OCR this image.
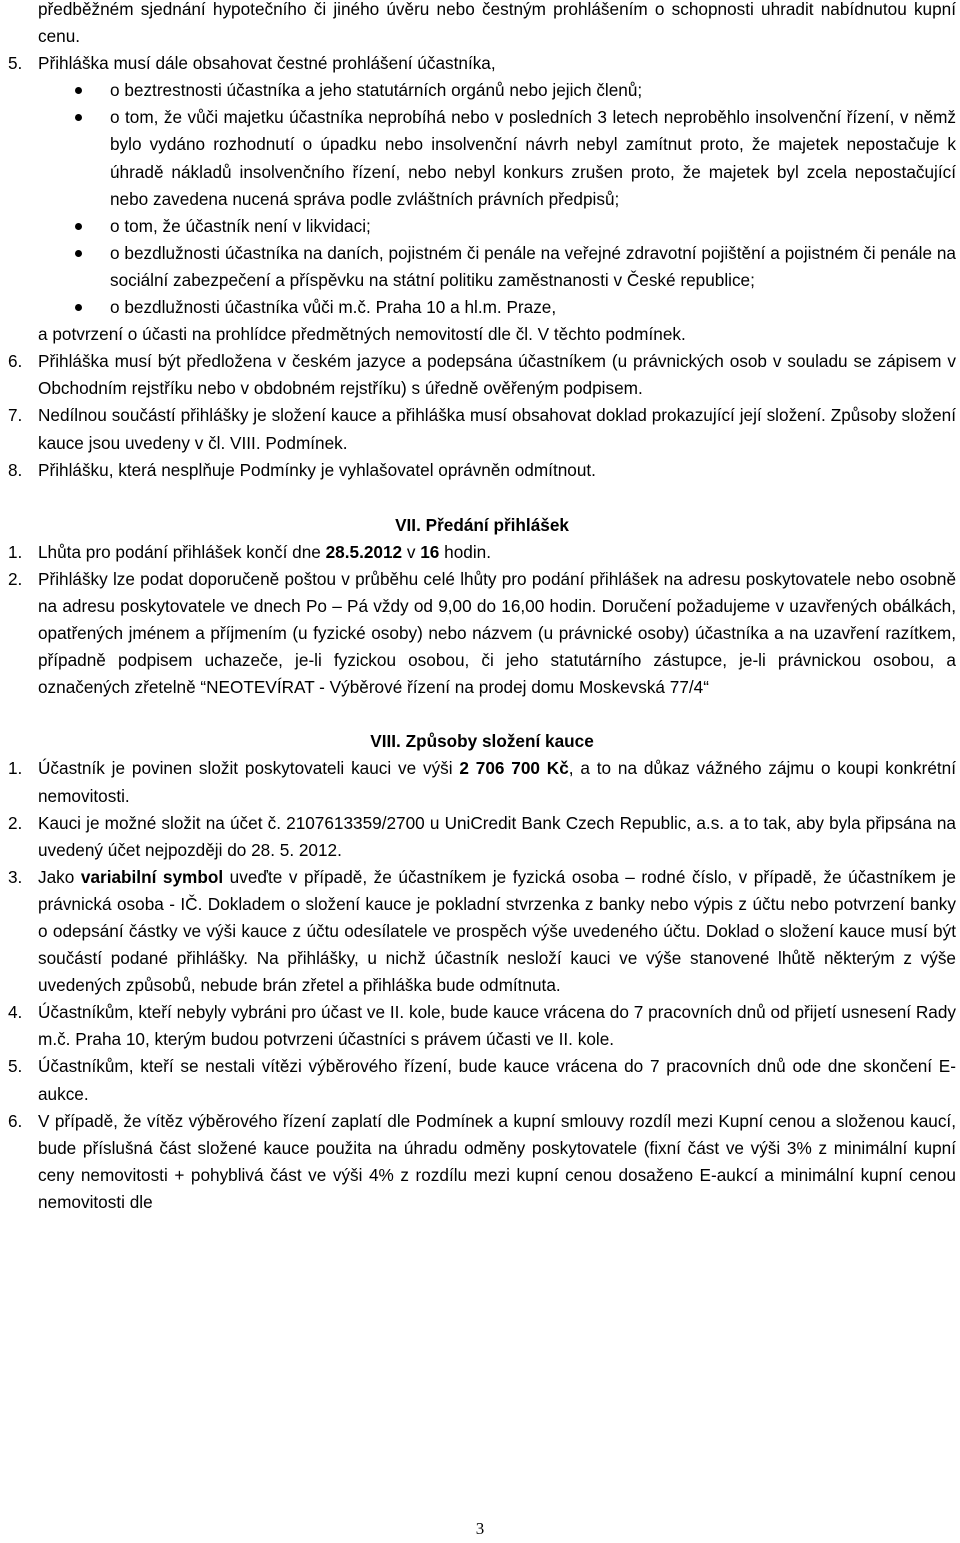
předběžném sjednání hypotečního či jiného úvěru nebo čestným prohlášením o schopnosti uhradit nabídnutou kupní cenu.

5. Přihláška musí dále obsahovat čestné prohlášení účastníka,
o beztrestnosti účastníka a jeho statutárních orgánů nebo jejich členů;
o tom, že vůči majetku účastníka neprobíhá nebo v posledních 3 letech neproběhlo insolvenční řízení, v němž bylo vydáno rozhodnutí o úpadku nebo insolvenční návrh nebyl zamítnut proto, že majetek nepostačuje k úhradě nákladů insolvenčního řízení, nebo nebyl konkurs zrušen proto, že majetek byl zcela nepostačující nebo zavedena nucená správa podle zvláštních právních předpisů;
o tom, že účastník není v likvidaci;
o bezdlužnosti účastníka na daních, pojistném či penále na veřejné zdravotní pojištění a pojistném či penále na sociální zabezpečení a příspěvku na státní politiku zaměstnanosti v České republice;
o bezdlužnosti účastníka vůči m.č. Praha 10 a hl.m. Praze,

a potvrzení o účasti na prohlídce předmětných nemovitostí dle čl. V těchto podmínek.

6. Přihláška musí být předložena v českém jazyce a podepsána účastníkem (u právnických osob v souladu se zápisem v Obchodním rejstříku nebo v obdobném rejstříku) s úředně ověřeným podpisem.
7. Nedílnou součástí přihlášky je složení kauce a přihláška musí obsahovat doklad prokazující její složení. Způsoby složení kauce jsou uvedeny v čl. VIII. Podmínek.
8. Přihlášku, která nesplňuje Podmínky je vyhlašovatel oprávněn odmítnout.

VII. Předání přihlášek

1. Lhůta pro podání přihlášek končí dne 28.5.2012 v 16 hodin.
2. Přihlášky lze podat doporučeně poštou v průběhu celé lhůty pro podání přihlášek na adresu poskytovatele nebo osobně na adresu poskytovatele ve dnech Po – Pá vždy od 9,00 do 16,00 hodin. Doručení požadujeme v uzavřených obálkách, opatřených jménem a příjmením (u fyzické osoby) nebo názvem (u právnické osoby) účastníka a na uzavření razítkem, případně podpisem uchazeče, je-li fyzickou osobou, či jeho statutárního zástupce, je-li právnickou osobou, a označených zřetelně “NEOTEVÍRAT - Výběrové řízení na prodej domu Moskevská 77/4“

VIII. Způsoby složení kauce

1. Účastník je povinen složit poskytovateli kauci ve výši 2 706 700 Kč, a to na důkaz vážného zájmu o koupi konkrétní nemovitosti.
2. Kauci je možné složit na účet č. 2107613359/2700 u UniCredit Bank Czech Republic, a.s. a to tak, aby byla připsána na uvedený účet nejpozději do 28. 5. 2012.
3. Jako variabilní symbol uveďte v případě, že účastníkem je fyzická osoba – rodné číslo, v případě, že účastníkem je právnická osoba - IČ. Dokladem o složení kauce je pokladní stvrzenka z banky nebo výpis z účtu nebo potvrzení banky o odepsání částky ve výši kauce z účtu odesílatele ve prospěch výše uvedeného účtu. Doklad o složení kauce musí být součástí podané přihlášky. Na přihlášky, u nichž účastník nesloží kauci ve výše stanovené lhůtě některým z výše uvedených způsobů, nebude brán zřetel a přihláška bude odmítnuta.
4. Účastníkům, kteří nebyly vybráni pro účast ve II. kole, bude kauce vrácena do 7 pracovních dnů od přijetí usnesení Rady m.č. Praha 10, kterým budou potvrzeni účastníci s právem účasti ve II. kole.
5. Účastníkům, kteří se nestali vítězi výběrového řízení, bude kauce vrácena do 7 pracovních dnů ode dne skončení E-aukce.
6. V případě, že vítěz výběrového řízení zaplatí dle Podmínek a kupní smlouvy rozdíl mezi Kupní cenou a složenou kaucí, bude příslušná část složené kauce použita na úhradu odměny poskytovatele (fixní část ve výši 3% z minimální kupní ceny nemovitosti + pohyblivá část ve výši 4% z rozdílu mezi kupní cenou dosaženo E-aukcí a minimální kupní cenou nemovitosti dle
3
